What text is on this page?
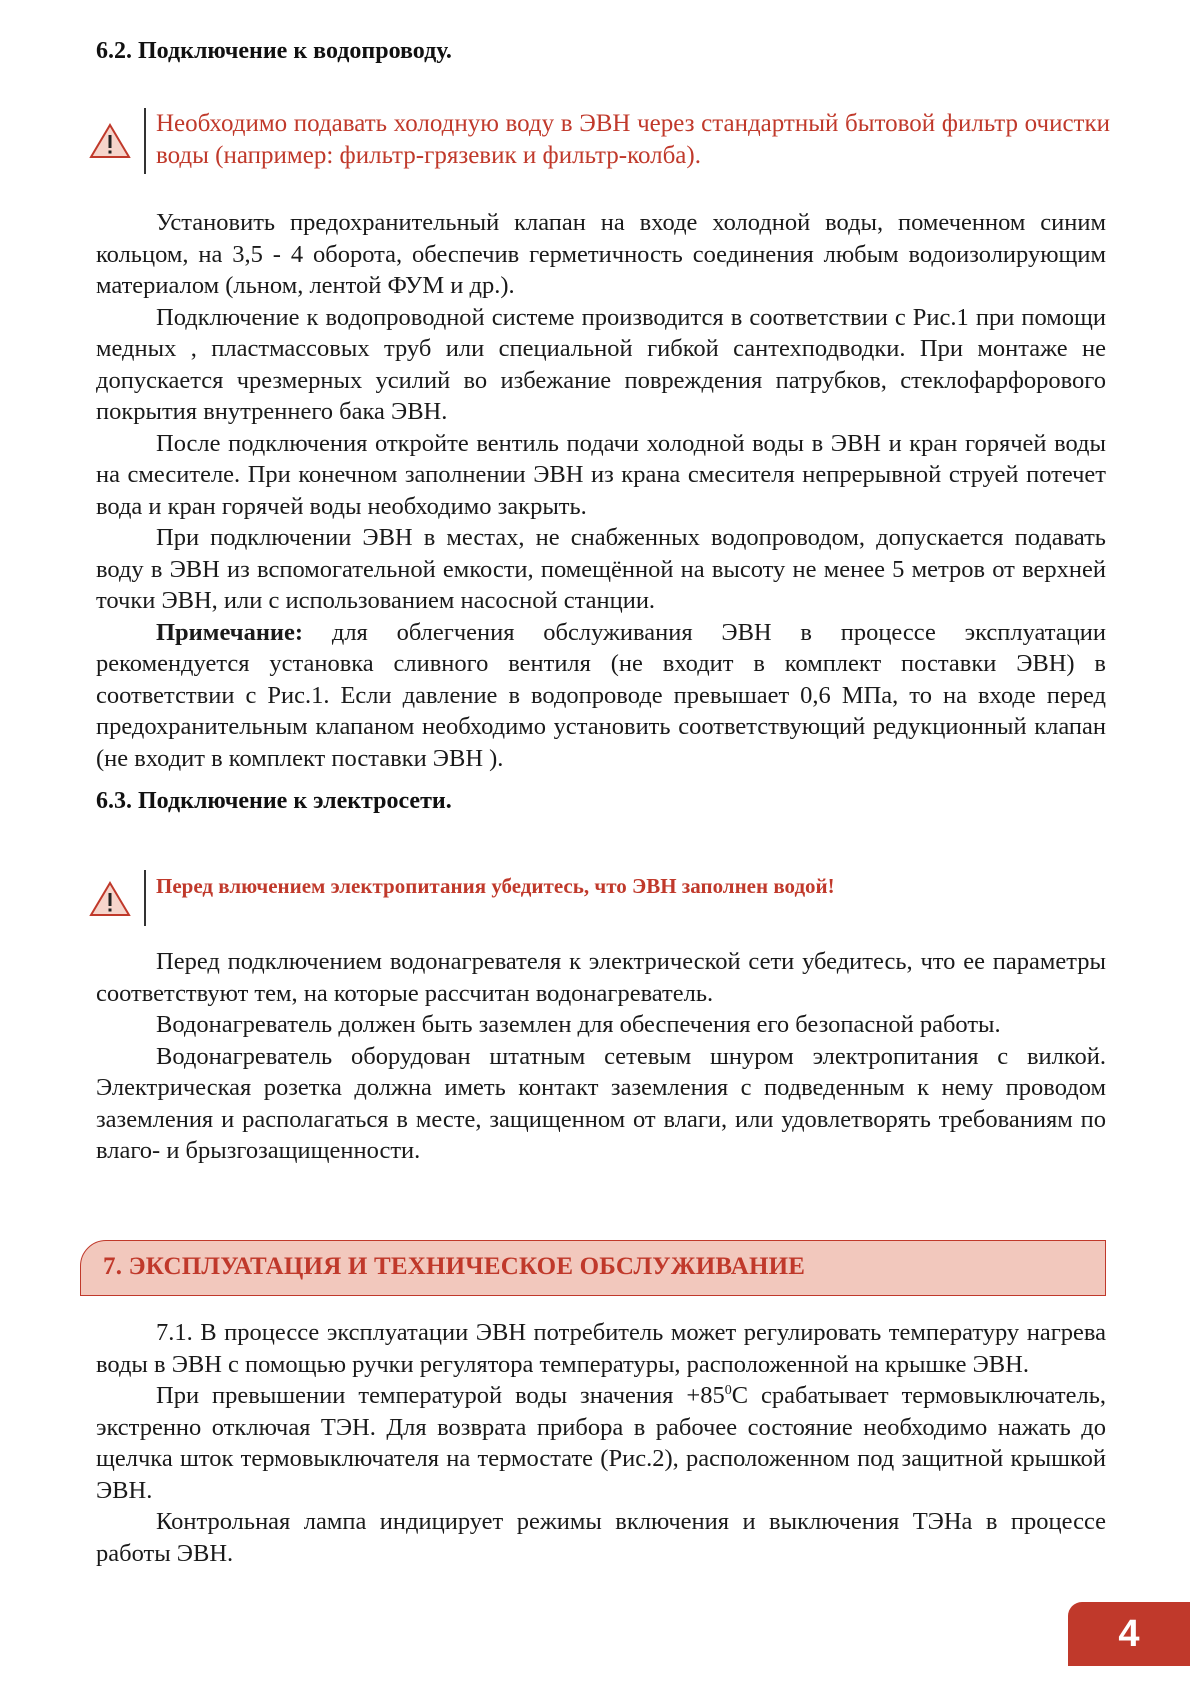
6.2. Подключение к водопроводу.

Необходимо подавать холодную воду в ЭВН через стандартный бытовой фильтр очистки воды (например: фильтр-грязевик и фильтр-колба).

Установить предохранительный клапан на входе холодной воды, помеченном синим кольцом, на 3,5 - 4 оборота, обеспечив герметичность соединения любым водоизолирующим материалом (льном, лентой ФУМ и др.).

Подключение к водопроводной системе производится в соответствии с Рис.1 при помощи медных , пластмассовых труб или специальной гибкой сантехподводки. При монтаже не допускается чрезмерных усилий во избежание повреждения патрубков, стеклофарфорового покрытия внутреннего бака ЭВН.

После подключения откройте вентиль подачи холодной воды в ЭВН и кран горячей воды на смесителе. При конечном заполнении ЭВН из крана смесителя непрерывной струей потечет вода и кран горячей воды необходимо закрыть.

При подключении ЭВН в местах, не снабженных водопроводом, допускается подавать воду в ЭВН из вспомогательной емкости, помещённой на высоту не менее 5 метров от верхней точки ЭВН, или с использованием насосной станции.

Примечание: для облегчения обслуживания ЭВН в процессе эксплуатации рекомендуется установка сливного вентиля (не входит в комплект поставки ЭВН) в соответствии с Рис.1. Если давление в водопроводе превышает 0,6 МПа, то на входе перед предохранительным клапаном необходимо установить соответствующий редукционный клапан (не входит в комплект поставки ЭВН ).

6.3. Подключение к электросети.

Перед влючением электропитания убедитесь, что ЭВН заполнен водой!

Перед подключением водонагревателя к электрической сети убедитесь, что ее параметры соответствуют тем, на которые рассчитан водонагреватель.

Водонагреватель должен быть заземлен для обеспечения его безопасной работы.

Водонагреватель оборудован штатным сетевым шнуром электропитания с вилкой. Электрическая розетка должна иметь контакт заземления с подведенным к нему проводом заземления и располагаться в месте, защищенном от влаги, или удовлетворять требованиям по влаго- и брызгозащищенности.

7. ЭКСПЛУАТАЦИЯ И ТЕХНИЧЕСКОЕ ОБСЛУЖИВАНИЕ

7.1. В процессе эксплуатации ЭВН потребитель может регулировать температуру нагрева воды в ЭВН с помощью ручки регулятора температуры, расположенной на крышке ЭВН.

При превышении температурой воды значения $+85^0С$ срабатывает термовыключатель, экстренно отключая ТЭН. Для возврата прибора в рабочее состояние необходимо нажать до щелчка шток термовыключателя на термостате (Рис.2), расположенном под защитной крышкой ЭВН.

Контрольная лампа индицирует режимы включения и выключения ТЭНа в процессе работы ЭВН.

4
